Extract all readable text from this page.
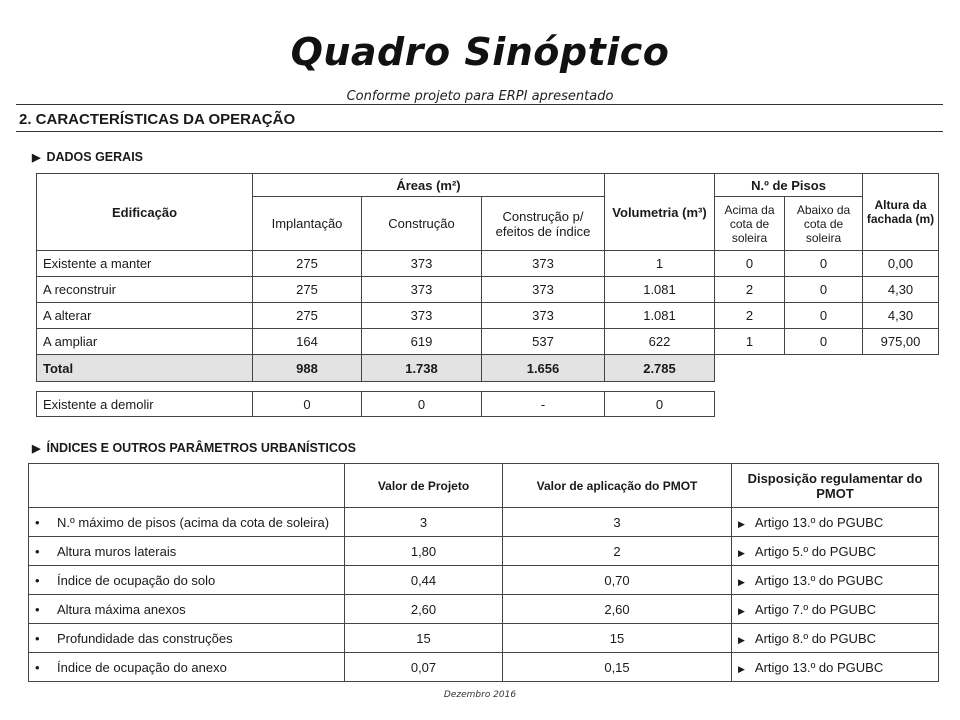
Quadro Sinóptico
Conforme projeto para ERPI apresentado
2. CARACTERÍSTICAS DA OPERAÇÃO
▶ DADOS GERAIS
Edificação	Áreas (m²)			Volumetria (m³)	N.º de Pisos		Altura da fachada (m)
	Implantação	Construção	Construção p/ efeitos de índice		Acima da cota de soleira	Abaixo da cota de soleira	
Existente a manter	275	373	373	1	0	0	0,00
A reconstruir	275	373	373	1.081	2	0	4,30
A alterar	275	373	373	1.081	2	0	4,30
A ampliar	164	619	537	622	1	0	975,00
Total	988	1.738	1.656	2.785			

Existente a demolir	0	0	-	0			
▶ ÍNDICES E OUTROS PARÂMETROS URBANÍSTICOS
	Valor de Projeto	Valor de aplicação do PMOT	Disposição regulamentar do PMOT
• N.º máximo de pisos (acima da cota de soleira)	3	3	▶ Artigo 13.º do PGUBC
• Altura muros laterais	1,80	2	▶ Artigo 5.º do PGUBC
• Índice de ocupação do solo	0,44	0,70	▶ Artigo 13.º do PGUBC
• Altura máxima anexos	2,60	2,60	▶ Artigo 7.º do PGUBC
• Profundidade das construções	15	15	▶ Artigo 8.º do PGUBC
• Índice de ocupação do anexo	0,07	0,15	▶ Artigo 13.º do PGUBC
Dezembro 2016
